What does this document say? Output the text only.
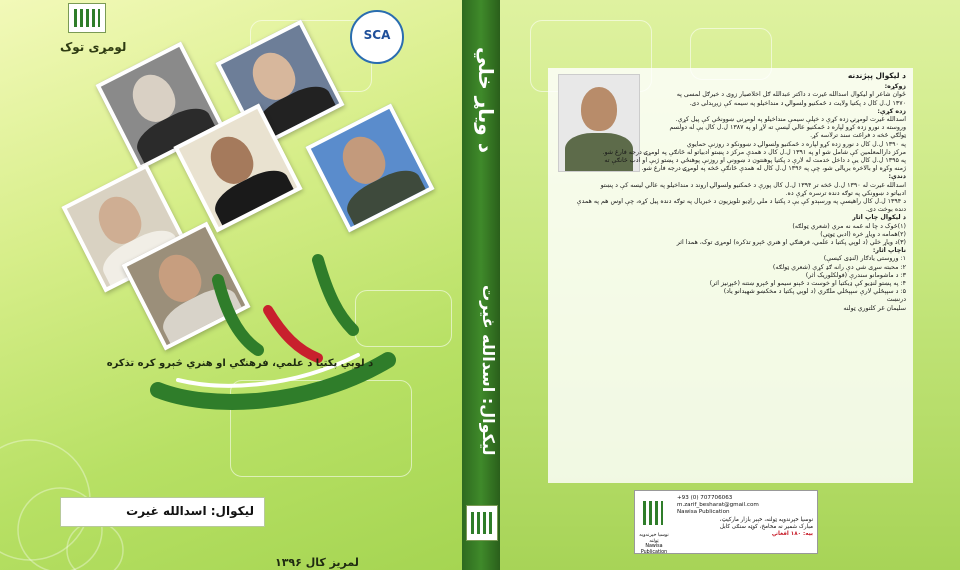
لومړی توک
SCA
د لوېي پکتیا د علمي، فرهنګي او هنري څېرو کره تذکره
لیکوال: اسدالله غیرت
۱۳۹۶ لمریز کال
د ویاړ خلي
لیکوال: اسدالله غیرت
د لیکوال پېژندنه
زوکړه:
ځوان شاعر او لیکوال اسدالله غیرت د داکتر عبدالله ګل اخلاصیار زوی د خیرګل لمسی په
۱۳۷۰ ل.ل کال د پکتیا ولایت د څمکنیو ولسوالۍ د منداخیلو په سیمه کې زیږېدلی دی.
زده کړې:
اسدالله غیرت لومړنۍ زده کړې د خپلې سیمې منداخیلو په لومړنی ښوونځي کې پیل کړې.
وروسته د نورو زده کړو لپاره د څمکنیو عالي لیسې ته لاړ او په ۱۳۸۷ ل.ل کال یې له دولسم
ټولګي څخه د فراغت سند ترلاسه کړ.
په ۱۳۹۰ ل.ل کال د نورو زده کړو لپاره د څمکنیو ولسوالۍ د ښوونکو د روزنې حمایوي
مرکز دارالمعلمین کې شامل شو او په ۱۳۹۱ ل.ل کال د همدې مرکز د پښتو ادبیاتو له څانګې په لومړۍ درجه فارغ شو.
په ۱۳۹۵ ل.ل کال یې د داخل خدمت له لارې د پکتیا پوهنتون د ښوونې او روزنې پوهنځي د پښتو ژبې او ادب څانګې ته
ژمنه وکړه او بالاخره بریالی شو، چې په ۱۳۹۶ ل.ل کال له همدې څانګې څخه په لومړۍ درجه فارغ شو.
دندې:
اسدالله غیرت له ۱۳۹۰ ل.ل څخه تر ۱۳۹۴ ل.ل کال پورې د څمکنیو ولسوالۍ اروند د منداخیلو په عالي لیسه کې د پښتو
ادبیاتو د ښوونکي په توګه دنده ترسره کړې ده.
د ۱۳۹۴ ل.ل کال راهیسې په ورسېدو کې یې د پکتیا د ملي راډیو تلویزیون د خبریال په توګه دنده پیل کړه، چې اوس هم په همدې
دنده بوخت دی.
د لیکوال چاپ اثار
(۱)څوک د چا له غمه نه مري (شعري ټولګه)
(۲)همامه د ویاړ خره (ادبي ټوټې)
(۳)د ویاړ خلي (د لوېي پکتیا د علمي، فرهنګي او هنري څېرو تذکره) لومړی توک، همدا اثر
ناچاپ اثار:
۱: وروستی یادګار (لنډی کیسې)
۲: محبته سړی شي دې رانه ګډ کړې (شعري ټولګه)
۳: د ماشومانو سندرې (فولکلوریک اثر)
۴: په پښتو لنډیو کې ډیکتیا او خوست د څېنو سیمو او څېرو ښتنه (څېړنیز اثر)
۵: د سپېڅلي لارې سپېڅلي ملګري (د لوېي پکتیا د مخکښو شهیدانو یاد)
درنښت
سلیمان غر کلتوري ټولنه
نوسیا خپرندویه ټولنه
Nawisa Publication
+93 (0) 707706063
m.zarif_besharat@gmail.com
Nawisa Publication
نوسیا خپرندویه ټولنه، خېبر بازار مارکیټ،
مبارک شمیر نه مخامخ، کوټه سنګی کابل
بیه: ۱۸۰ افغانۍ
